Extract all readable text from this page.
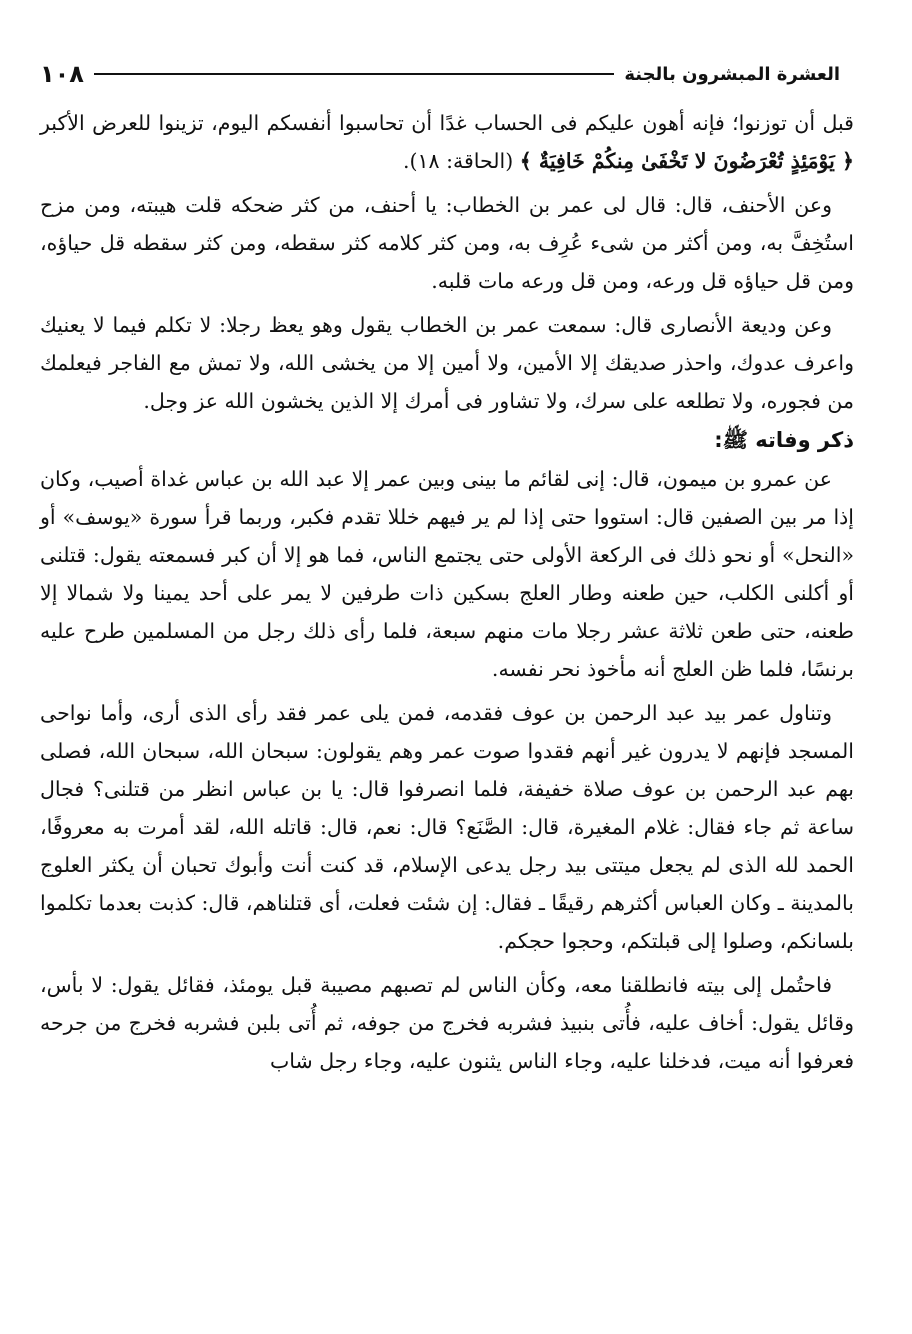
١٠٨	العشرة المبشرون بالجنة

قبل أن توزنوا؛ فإنه أهون عليكم فى الحساب غدًا أن تحاسبوا أنفسكم اليوم، تزينوا للعرض الأكبر ﴿ يَوْمَئِذٍ تُعْرَضُونَ لا تَخْفَىٰ مِنكُمْ خَافِيَةٌ ﴾ (الحاقة: ١٨).

وعن الأحنف، قال: قال لى عمر بن الخطاب: يا أحنف، من كثر ضحكه قلت هيبته، ومن مزح استُخِفَّ به، ومن أكثر من شىء عُرِف به، ومن كثر كلامه كثر سقطه، ومن كثر سقطه قل حياؤه، ومن قل حياؤه قل ورعه، ومن قل ورعه مات قلبه.

وعن وديعة الأنصارى قال: سمعت عمر بن الخطاب يقول وهو يعظ رجلا: لا تكلم فيما لا يعنيك واعرف عدوك، واحذر صديقك إلا الأمين، ولا أمين إلا من يخشى الله، ولا تمش مع الفاجر فيعلمك من فجوره، ولا تطلعه على سرك، ولا تشاور فى أمرك إلا الذين يخشون الله عز وجل.

ذكر وفاته ﷺ:

عن عمرو بن ميمون، قال: إنى لقائم ما بينى وبين عمر إلا عبد الله بن عباس غداة أصيب، وكان إذا مر بين الصفين قال: استووا حتى إذا لم ير فيهم خللا تقدم فكبر، وربما قرأ سورة «يوسف» أو «النحل» أو نحو ذلك فى الركعة الأولى حتى يجتمع الناس، فما هو إلا أن كبر فسمعته يقول: قتلنى أو أكلنى الكلب، حين طعنه وطار العلج بسكين ذات طرفين لا يمر على أحد يمينا ولا شمالا إلا طعنه، حتى طعن ثلاثة عشر رجلا مات منهم سبعة، فلما رأى ذلك رجل من المسلمين طرح عليه برنسًا، فلما ظن العلج أنه مأخوذ نحر نفسه.

وتناول عمر بيد عبد الرحمن بن عوف فقدمه، فمن يلى عمر فقد رأى الذى أرى، وأما نواحى المسجد فإنهم لا يدرون غير أنهم فقدوا صوت عمر وهم يقولون: سبحان الله، سبحان الله، فصلى بهم عبد الرحمن بن عوف صلاة خفيفة، فلما انصرفوا قال: يا بن عباس انظر من قتلنى؟ فجال ساعة ثم جاء فقال: غلام المغيرة، قال: الصَّنَع؟ قال: نعم، قال: قاتله الله، لقد أمرت به معروفًا، الحمد لله الذى لم يجعل ميتتى بيد رجل يدعى الإسلام، قد كنت أنت وأبوك تحبان أن يكثر العلوج بالمدينة ـ وكان العباس أكثرهم رقيقًا ـ فقال: إن شئت فعلت، أى قتلناهم، قال: كذبت بعدما تكلموا بلسانكم، وصلوا إلى قبلتكم، وحجوا حجكم.

فاحتُمل إلى بيته فانطلقنا معه، وكأن الناس لم تصبهم مصيبة قبل يومئذ، فقائل يقول: لا بأس، وقائل يقول: أخاف عليه، فأُتى بنبيذ فشربه فخرج من جوفه، ثم أُتى بلبن فشربه فخرج من جرحه فعرفوا أنه ميت، فدخلنا عليه، وجاء الناس يثنون عليه، وجاء رجل شاب
